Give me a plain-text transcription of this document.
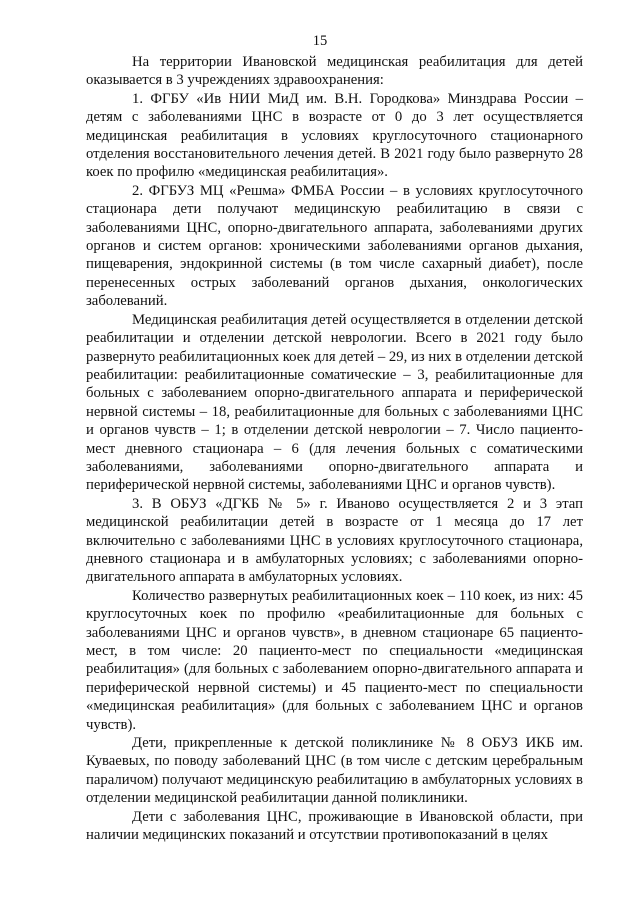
15

На территории Ивановской медицинская реабилитация для детей оказывается в 3 учреждениях здравоохранения:

1. ФГБУ «Ив НИИ МиД им. В.Н. Городкова» Минздрава России – детям с заболеваниями ЦНС в возрасте от 0 до 3 лет осуществляется медицинская реабилитация в условиях круглосуточного стационарного отделения восстановительного лечения детей. В 2021 году было развернуто 28 коек по профилю «медицинская реабилитация».

2. ФГБУЗ МЦ «Решма» ФМБА России – в условиях круглосуточного стационара дети получают медицинскую реабилитацию в связи с заболеваниями ЦНС, опорно-двигательного аппарата, заболеваниями других органов и систем органов: хроническими заболеваниями органов дыхания, пищеварения, эндокринной системы (в том числе сахарный диабет), после перенесенных острых заболеваний органов дыхания, онкологических заболеваний.

Медицинская реабилитация детей осуществляется в отделении детской реабилитации и отделении детской неврологии. Всего в 2021 году было развернуто реабилитационных коек для детей – 29, из них в отделении детской реабилитации: реабилитационные соматические – 3, реабилитационные для больных с заболеванием опорно-двигательного аппарата и периферической нервной системы – 18, реабилитационные для больных с заболеваниями ЦНС и органов чувств – 1; в отделении детской неврологии – 7. Число пациенто-мест дневного стационара – 6 (для лечения больных с соматическими заболеваниями, заболеваниями опорно-двигательного аппарата и периферической нервной системы, заболеваниями ЦНС и органов чувств).

3. В ОБУЗ «ДГКБ № 5» г. Иваново осуществляется 2 и 3 этап медицинской реабилитации детей в возрасте от 1 месяца до 17 лет включительно с заболеваниями ЦНС в условиях круглосуточного стационара, дневного стационара и в амбулаторных условиях; с заболеваниями опорно-двигательного аппарата в амбулаторных условиях.

Количество развернутых реабилитационных коек – 110 коек, из них: 45 круглосуточных коек по профилю «реабилитационные для больных с заболеваниями ЦНС и органов чувств», в дневном стационаре 65 пациенто-мест, в том числе: 20 пациенто-мест по специальности «медицинская реабилитация» (для больных с заболеванием опорно-двигательного аппарата и периферической нервной системы) и 45 пациенто-мест по специальности «медицинская реабилитация» (для больных с заболеванием ЦНС и органов чувств).

Дети, прикрепленные к детской поликлинике № 8 ОБУЗ ИКБ им. Куваевых, по поводу заболеваний ЦНС (в том числе с детским церебральным параличом) получают медицинскую реабилитацию в амбулаторных условиях в отделении медицинской реабилитации данной поликлиники.

Дети с заболевания ЦНС, проживающие в Ивановской области, при наличии медицинских показаний и отсутствии противопоказаний в целях
